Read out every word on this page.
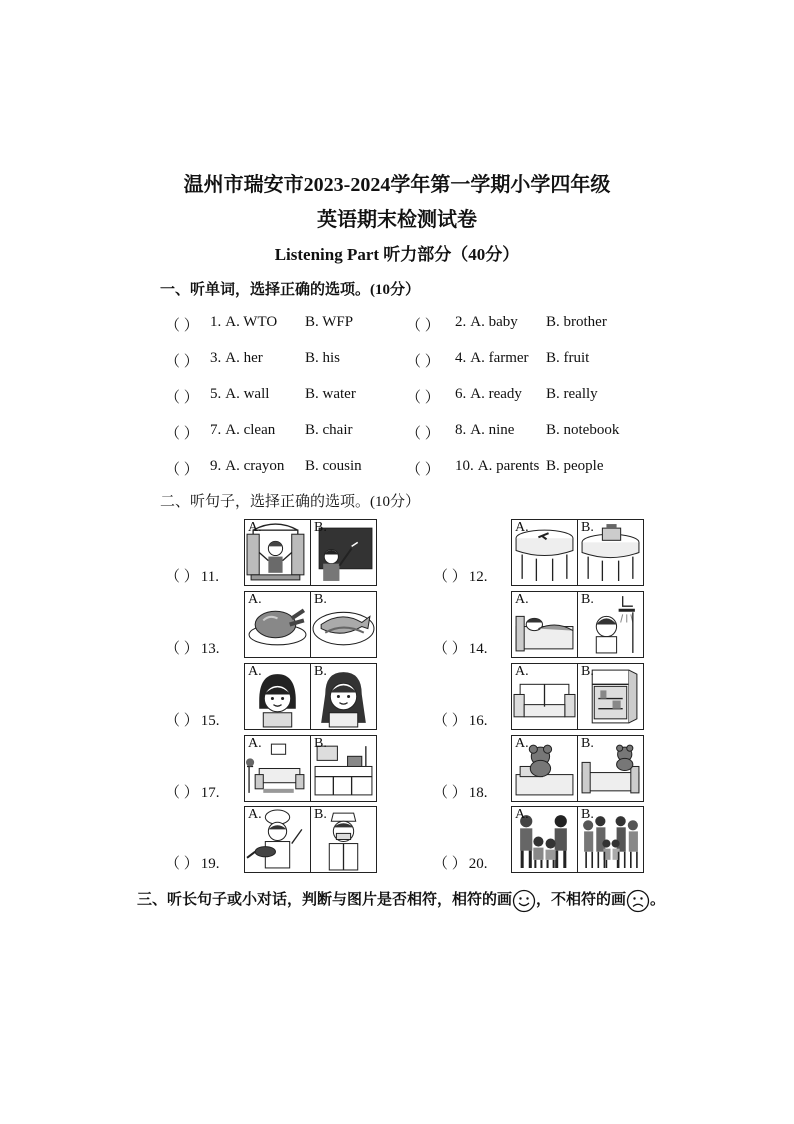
温州市瑞安市2023-2024学年第一学期小学四年级
英语期末检测试卷
Listening Part 听力部分（40分）
一、听单词，选择正确的选项。(10分）
（ ） 1. A. WTO B. WFP	（ ） 2. A. baby B. brother
（ ） 3. A. her	B. his	（ ） 4. A. farmer B. fruit
（ ） 5. A. wall B. water	（ ） 6. A. ready B. really
（ ） 7. A. clean B. chair	（ ） 8. A. nine B. notebook
（ ） 9. A. crayon B. cousin	（ ） 10. A. parents B. people
二、听句子，选择正确的选项。(10分）
（ ） 11.
A.	B.
（ ） 12.
A.	B.
（ ） 13.
A.	B.
（ ） 14.
A.	B.
（ ） 15.
A.	B.
（ ） 16.
A.	B.
（ ） 17.
A.	B.
（ ） 18.
A.	B.
（ ） 19.
A.	B.
（ ） 20.
A.	B.
三、听长句子或小对话，判断与图片是否相符，相符的画 ，不相符的画 。
